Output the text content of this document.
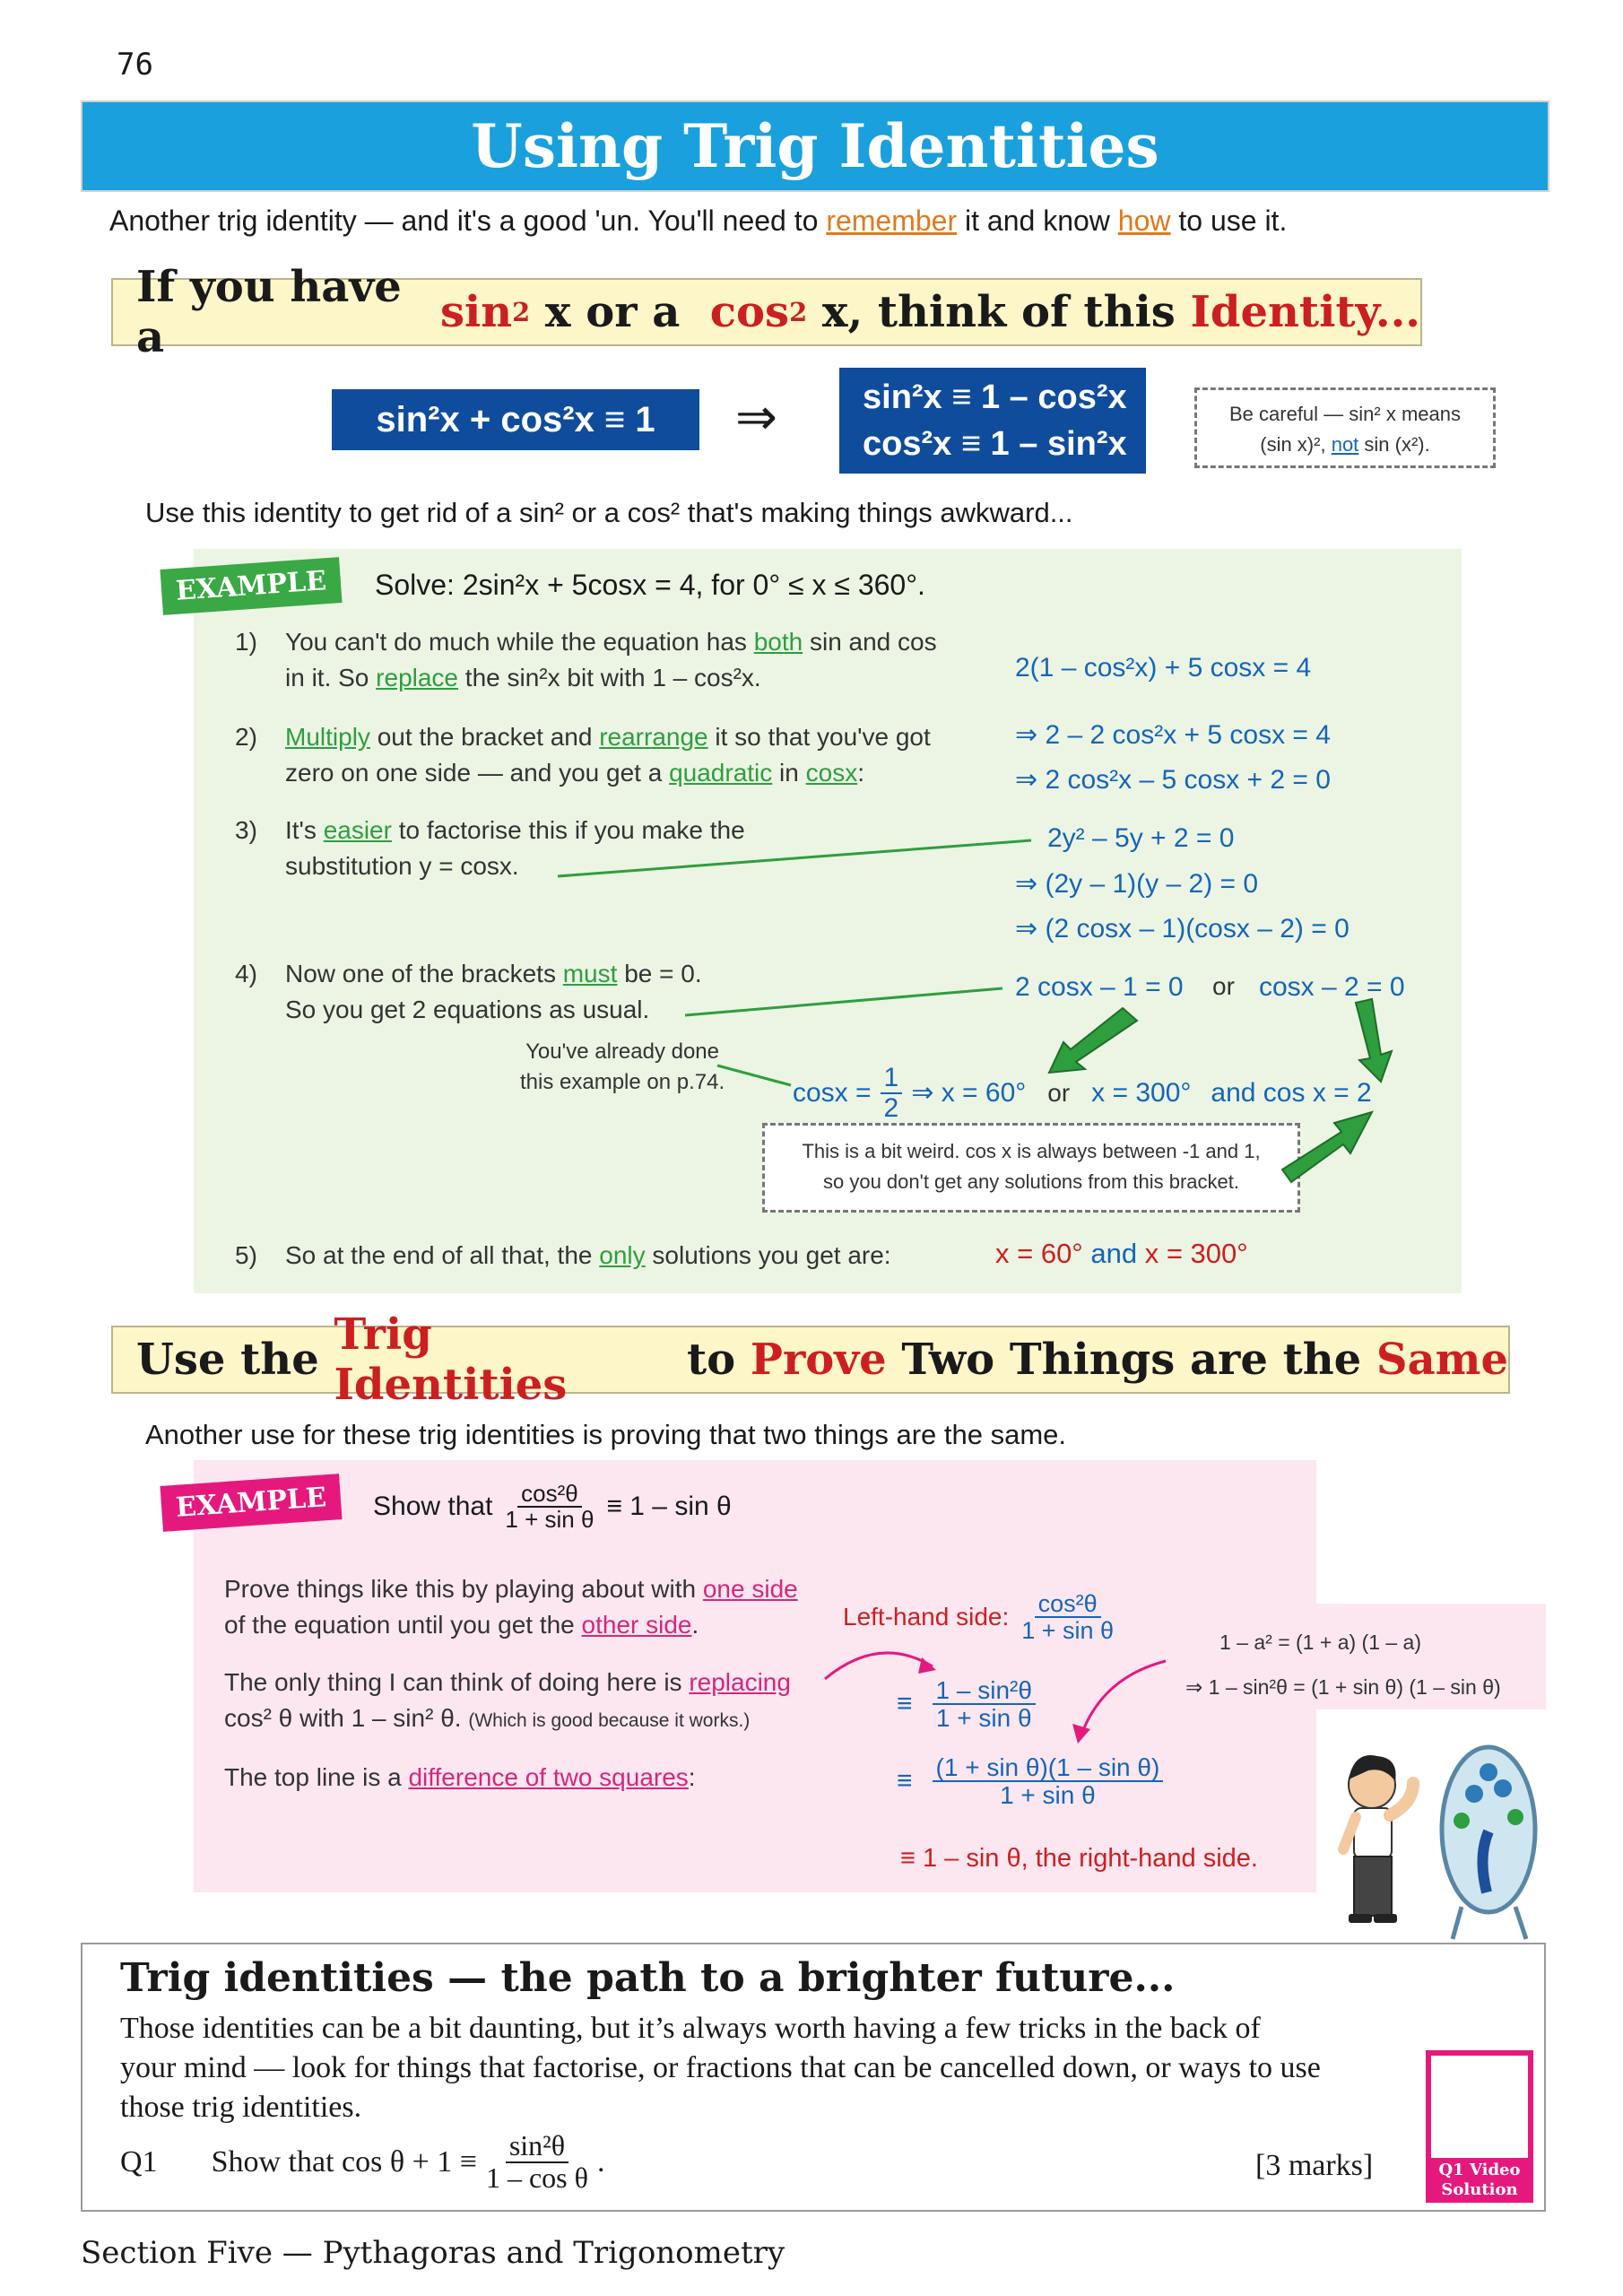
76
Using Trig Identities
Another trig identity — and it's a good 'un. You'll need to remember it and know how to use it.
If you have a
	sin 2 x or a
cos 2 x, think of this Identity...
sin²x + cos²x ≡ 1 ⇒	sin²x ≡ 1 – cos²x
cos²x ≡ 1 – sin²x
Be careful — sin² x means
(sin x)², not sin (x²).
Use this identity to get rid of a sin² or a cos² that's making things awkward...
EXAMPLE	Solve: 2sin²x + 5cosx = 4, for 0° ≤ x ≤ 360°.
1) You can't do much while the equation has both sin and cos
in it. So replace the sin²x bit with 1 – cos²x.
2) Multiply out the bracket and rearrange it so that you've got
zero on one side — and you get a quadratic in cosx:
3) It's easier to factorise this if you make the
substitution y = cosx.
4) Now one of the brackets must be = 0.
So you get 2 equations as usual.
5) So at the end of all that, the only solutions you get are:
2(1 – cos²x) + 5 cosx = 4
⇒ 2 – 2 cos²x + 5 cosx = 4
⇒ 2 cos²x – 5 cosx + 2 = 0
2y² – 5y + 2 = 0
⇒ (2y – 1)(y – 2) = 0
⇒ (2 cosx – 1)(cosx – 2) = 0
2 cosx – 1 = 0 or cosx – 2 = 0
You've already done
this example on p.74.	$\cos x = \frac{1}{2}$ ⇒ x = 60° or x = 300° and cos x = 2
This is a bit weird. cos x is always between -1 and 1,
so you don't get any solutions from this bracket.
x = 60° and x = 300°
Use the Trig Identities	to Prove Two Things are the Same
Another use for these trig identities is proving that two things are the same.
EXAMPLE	Show that $\frac{\text{cos²θ}}{\text{1 + sin θ}} \equiv 1 - \sin \theta$
Prove things like this by playing about with one side
of the equation until you get the other side.
The only thing I can think of doing here is replacing
cos² θ with 1 – sin² θ. (Which is good because it works.)
The top line is a difference of two squares:
Left-hand side: $\frac{\text{cos²θ}}{\text{1 + sin θ}}$
≡ $\frac{\text{1 – sin²θ}}{\text{1 + sin θ}}$
≡ $\frac{\text{(1 + sin θ)(1 – sin θ)}}{\text{1 + sin θ}}$
≡ 1 – sin θ, the right-hand side.
1 – a² = (1 + a) (1 – a)
⇒ 1 – sin²θ = (1 + sin θ) (1 – sin θ)
Trig identities — the path to a brighter future...
Those identities can be a bit daunting, but it’s always worth having a few tricks in the back of your mind — look for things that factorise, or fractions that can be cancelled down, or ways to use those trig identities.
Q1 Show that $\cos \theta + 1 \equiv \frac{\text{sin²θ}}{\text{1 – cos θ}}$ .	[3 marks]	Q1 Video Solution
Section Five — Pythagoras and Trigonometry
